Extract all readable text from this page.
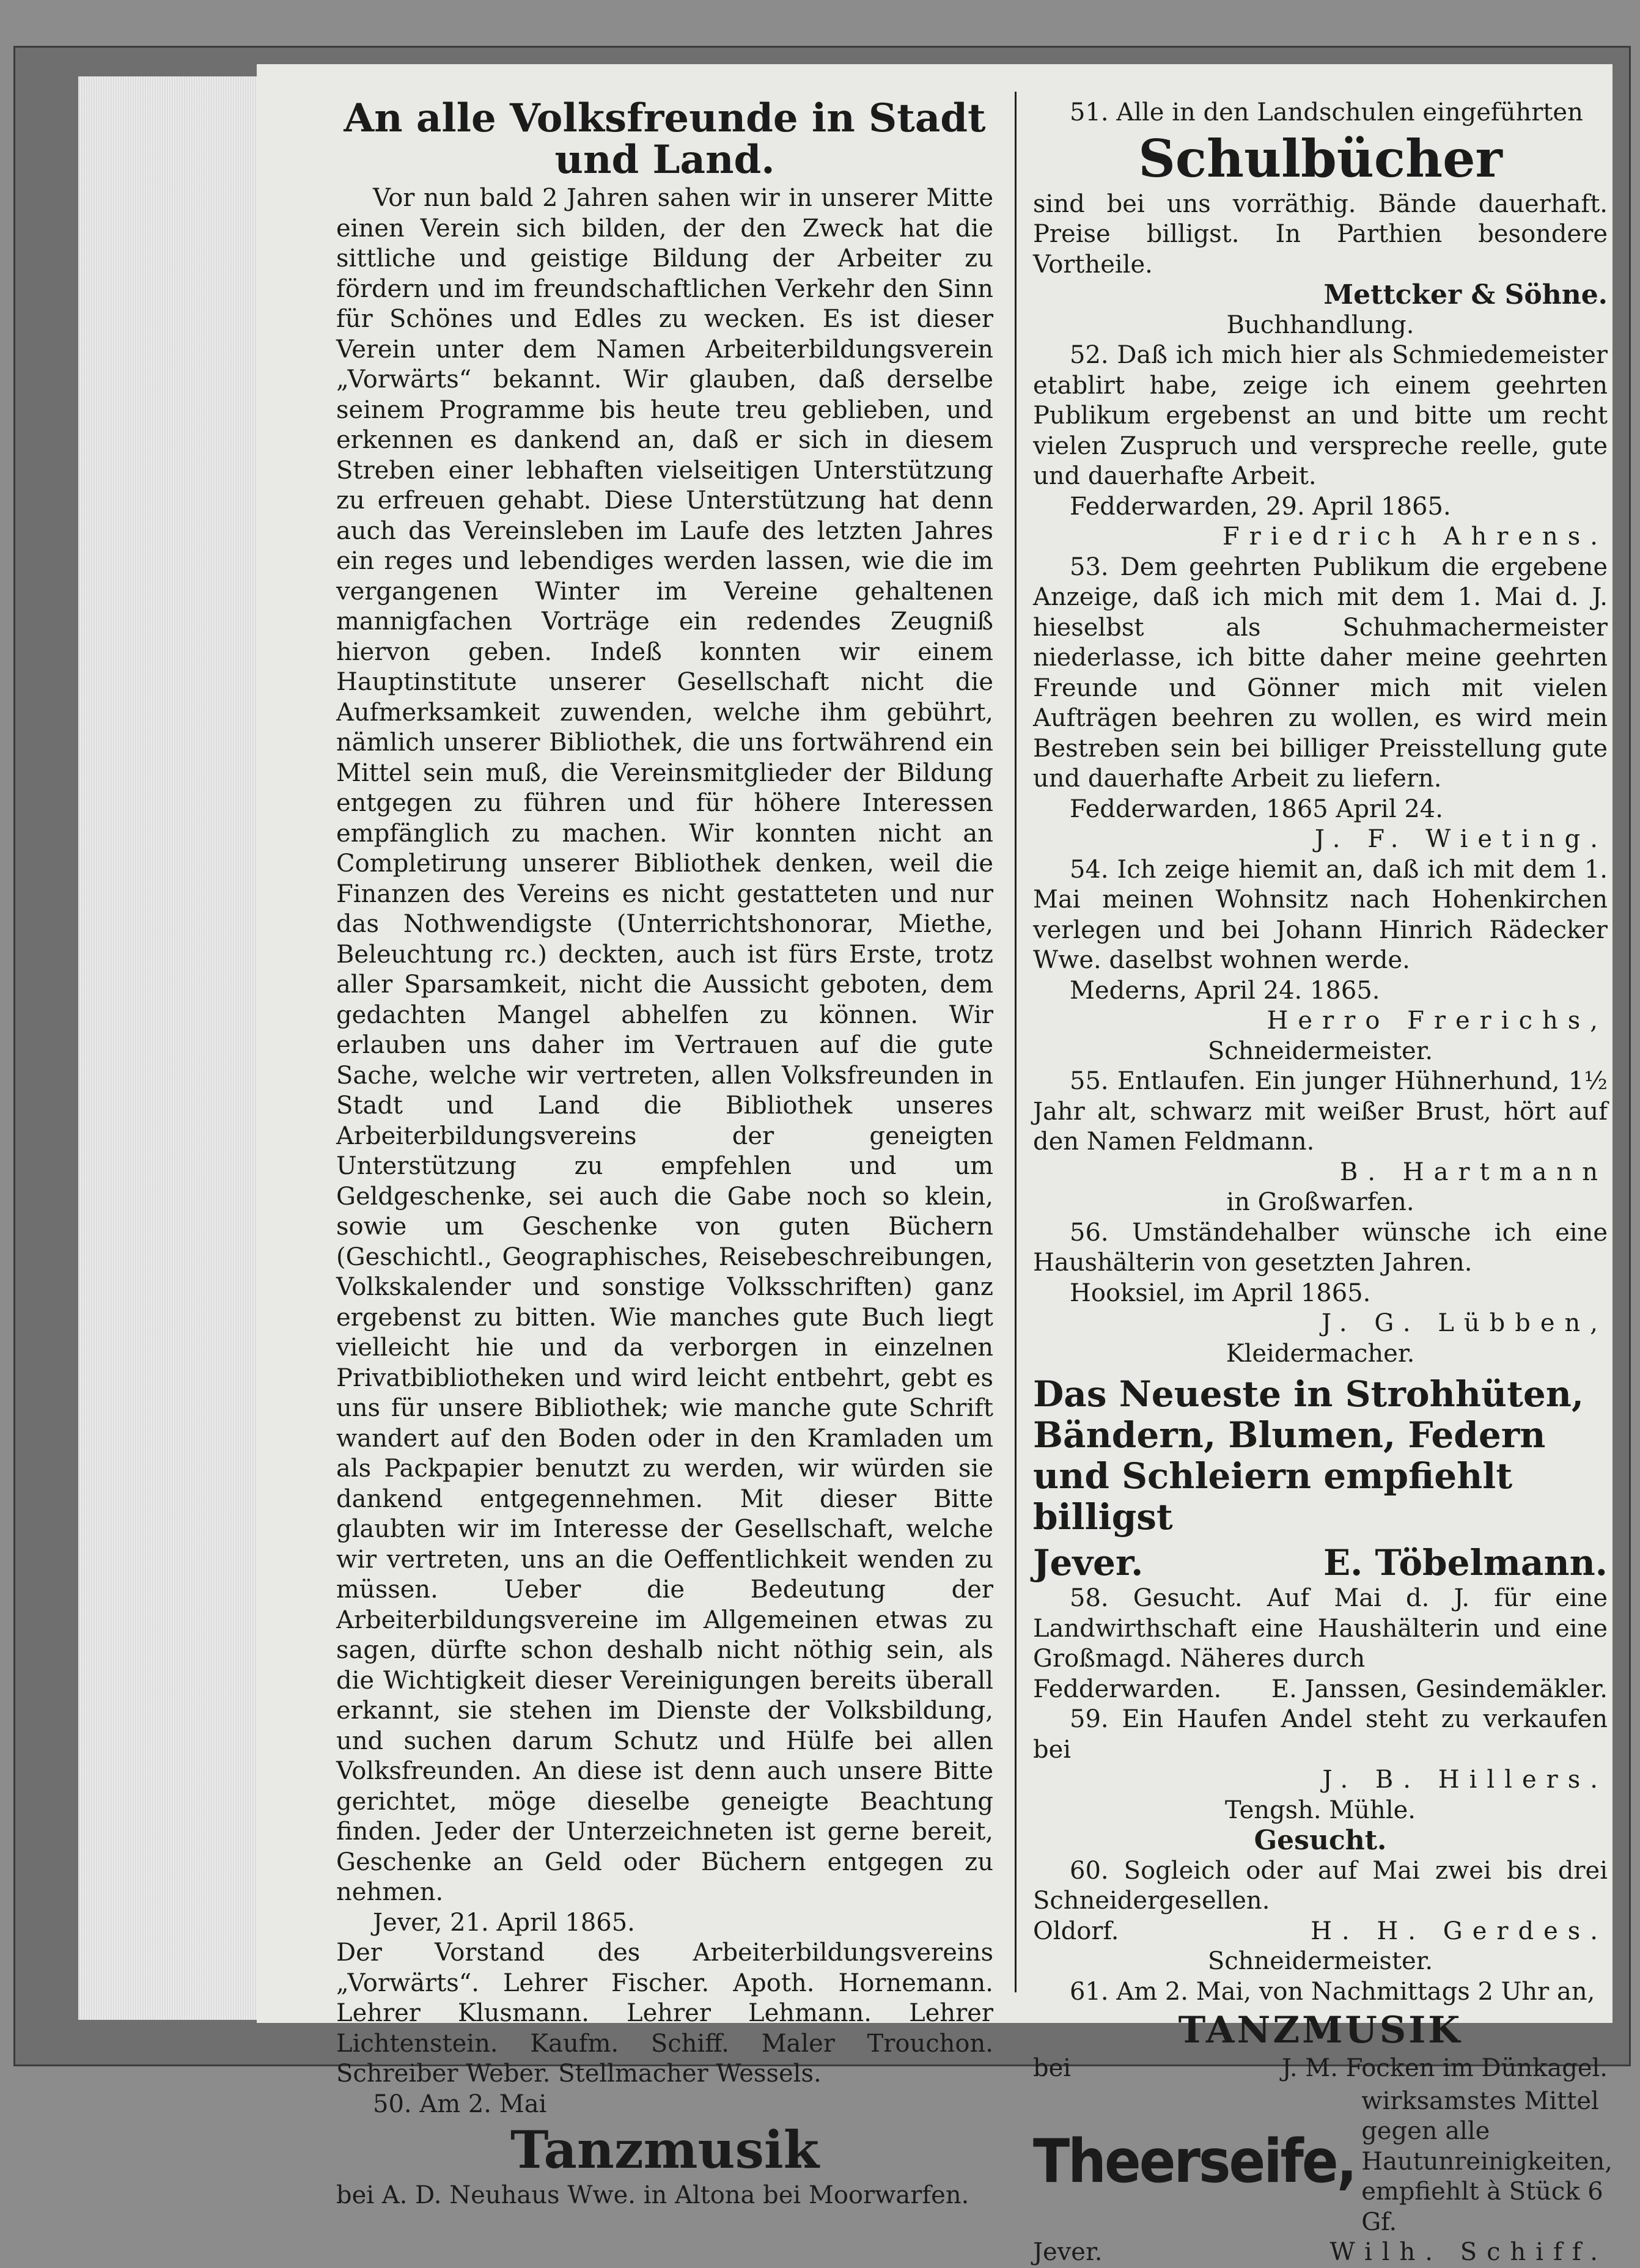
An alle Volksfreunde in Stadt und Land.

Vor nun bald 2 Jahren sahen wir in unserer Mitte einen Verein sich bilden, der den Zweck hat die sittliche und geistige Bildung der Arbeiter zu fördern und im freundschaftlichen Verkehr den Sinn für Schönes und Edles zu wecken. Es ist dieser Verein unter dem Namen Arbeiterbildungsverein „Vorwärts“ bekannt. Wir glauben, daß derselbe seinem Programme bis heute treu geblieben, und erkennen es dankend an, daß er sich in diesem Streben einer lebhaften vielseitigen Unterstützung zu erfreuen gehabt. Diese Unterstützung hat denn auch das Vereinsleben im Laufe des letzten Jahres ein reges und lebendiges werden lassen, wie die im vergangenen Winter im Vereine gehaltenen mannigfachen Vorträge ein redendes Zeugniß hiervon geben. Indeß konnten wir einem Hauptinstitute unserer Gesellschaft nicht die Aufmerksamkeit zuwenden, welche ihm gebührt, nämlich unserer Bibliothek, die uns fortwährend ein Mittel sein muß, die Vereinsmitglieder der Bildung entgegen zu führen und für höhere Interessen empfänglich zu machen. Wir konnten nicht an Completirung unserer Bibliothek denken, weil die Finanzen des Vereins es nicht gestatteten und nur das Nothwendigste (Unterrichtshonorar, Miethe, Beleuchtung rc.) deckten, auch ist fürs Erste, trotz aller Sparsamkeit, nicht die Aussicht geboten, dem gedachten Mangel abhelfen zu können. Wir erlauben uns daher im Vertrauen auf die gute Sache, welche wir vertreten, allen Volksfreunden in Stadt und Land die Bibliothek unseres Arbeiterbildungsvereins der geneigten Unterstützung zu empfehlen und um Geldgeschenke, sei auch die Gabe noch so klein, sowie um Geschenke von guten Büchern (Geschichtl., Geographisches, Reisebeschreibungen, Volkskalender und sonstige Volksschriften) ganz ergebenst zu bitten. Wie manches gute Buch liegt vielleicht hie und da verborgen in einzelnen Privatbibliotheken und wird leicht entbehrt, gebt es uns für unsere Bibliothek; wie manche gute Schrift wandert auf den Boden oder in den Kramladen um als Packpapier benutzt zu werden, wir würden sie dankend entgegennehmen. Mit dieser Bitte glaubten wir im Interesse der Gesellschaft, welche wir vertreten, uns an die Oeffentlichkeit wenden zu müssen. Ueber die Bedeutung der Arbeiterbildungsvereine im Allgemeinen etwas zu sagen, dürfte schon deshalb nicht nöthig sein, als die Wichtigkeit dieser Vereinigungen bereits überall erkannt, sie stehen im Dienste der Volksbildung, und suchen darum Schutz und Hülfe bei allen Volksfreunden. An diese ist denn auch unsere Bitte gerichtet, möge dieselbe geneigte Beachtung finden. Jeder der Unterzeichneten ist gerne bereit, Geschenke an Geld oder Büchern entgegen zu nehmen.

Jever, 21. April 1865.

Der Vorstand des Arbeiterbildungsvereins „Vorwärts“. Lehrer Fischer. Apoth. Hornemann. Lehrer Klusmann. Lehrer Lehmann. Lehrer Lichtenstein. Kaufm. Schiff. Maler Trouchon. Schreiber Weber. Stellmacher Wessels.

50. Am 2. Mai

Tanzmusik

bei A. D. Neuhaus Wwe. in Altona bei Moorwarfen.

51. Alle in den Landschulen eingeführten

Schulbücher

sind bei uns vorräthig. Bände dauerhaft. Preise billigst. In Parthien besondere Vortheile.

Mettcker & Söhne.

Buchhandlung.

52. Daß ich mich hier als Schmiedemeister etablirt habe, zeige ich einem geehrten Publikum ergebenst an und bitte um recht vielen Zuspruch und verspreche reelle, gute und dauerhafte Arbeit.

Fedderwarden, 29. April 1865.

Friedrich Ahrens.

53. Dem geehrten Publikum die ergebene Anzeige, daß ich mich mit dem 1. Mai d. J. hieselbst als Schuhmachermeister niederlasse, ich bitte daher meine geehrten Freunde und Gönner mich mit vielen Aufträgen beehren zu wollen, es wird mein Bestreben sein bei billiger Preisstellung gute und dauerhafte Arbeit zu liefern.

Fedderwarden, 1865 April 24.

J. F. Wieting.

54. Ich zeige hiemit an, daß ich mit dem 1. Mai meinen Wohnsitz nach Hohenkirchen verlegen und bei Johann Hinrich Rädecker Wwe. daselbst wohnen werde.

Mederns, April 24. 1865.

Herro Frerichs,

Schneidermeister.

55. Entlaufen. Ein junger Hühnerhund, 1½ Jahr alt, schwarz mit weißer Brust, hört auf den Namen Feldmann.

B. Hartmann

in Großwarfen.

56. Umständehalber wünsche ich eine Haushälterin von gesetzten Jahren.

Hooksiel, im April 1865.

J. G. Lübben,

Kleidermacher.

Das Neueste in Strohhüten, Bändern, Blumen, Federn und Schleiern empfiehlt billigst

Jever.	E. Töbelmann.

58. Gesucht. Auf Mai d. J. für eine Landwirthschaft eine Haushälterin und eine Großmagd. Näheres durch

Fedderwarden. E. Janssen, Gesindemäkler.

59. Ein Haufen Andel steht zu verkaufen bei

J. B. Hillers.

Tengsh. Mühle.

Gesucht.

60. Sogleich oder auf Mai zwei bis drei Schneidergesellen.

Oldorf.	H. H. Gerdes.

Schneidermeister.

61. Am 2. Mai, von Nachmittags 2 Uhr an,

TANZMUSIK

bei	J. M. Focken im Dünkagel.
Theerseife,
wirksamstes Mittel gegen alle Hautunreinigkeiten, empfiehlt à Stück 6 Gf.
Jever.	Wilh. Schiff.
